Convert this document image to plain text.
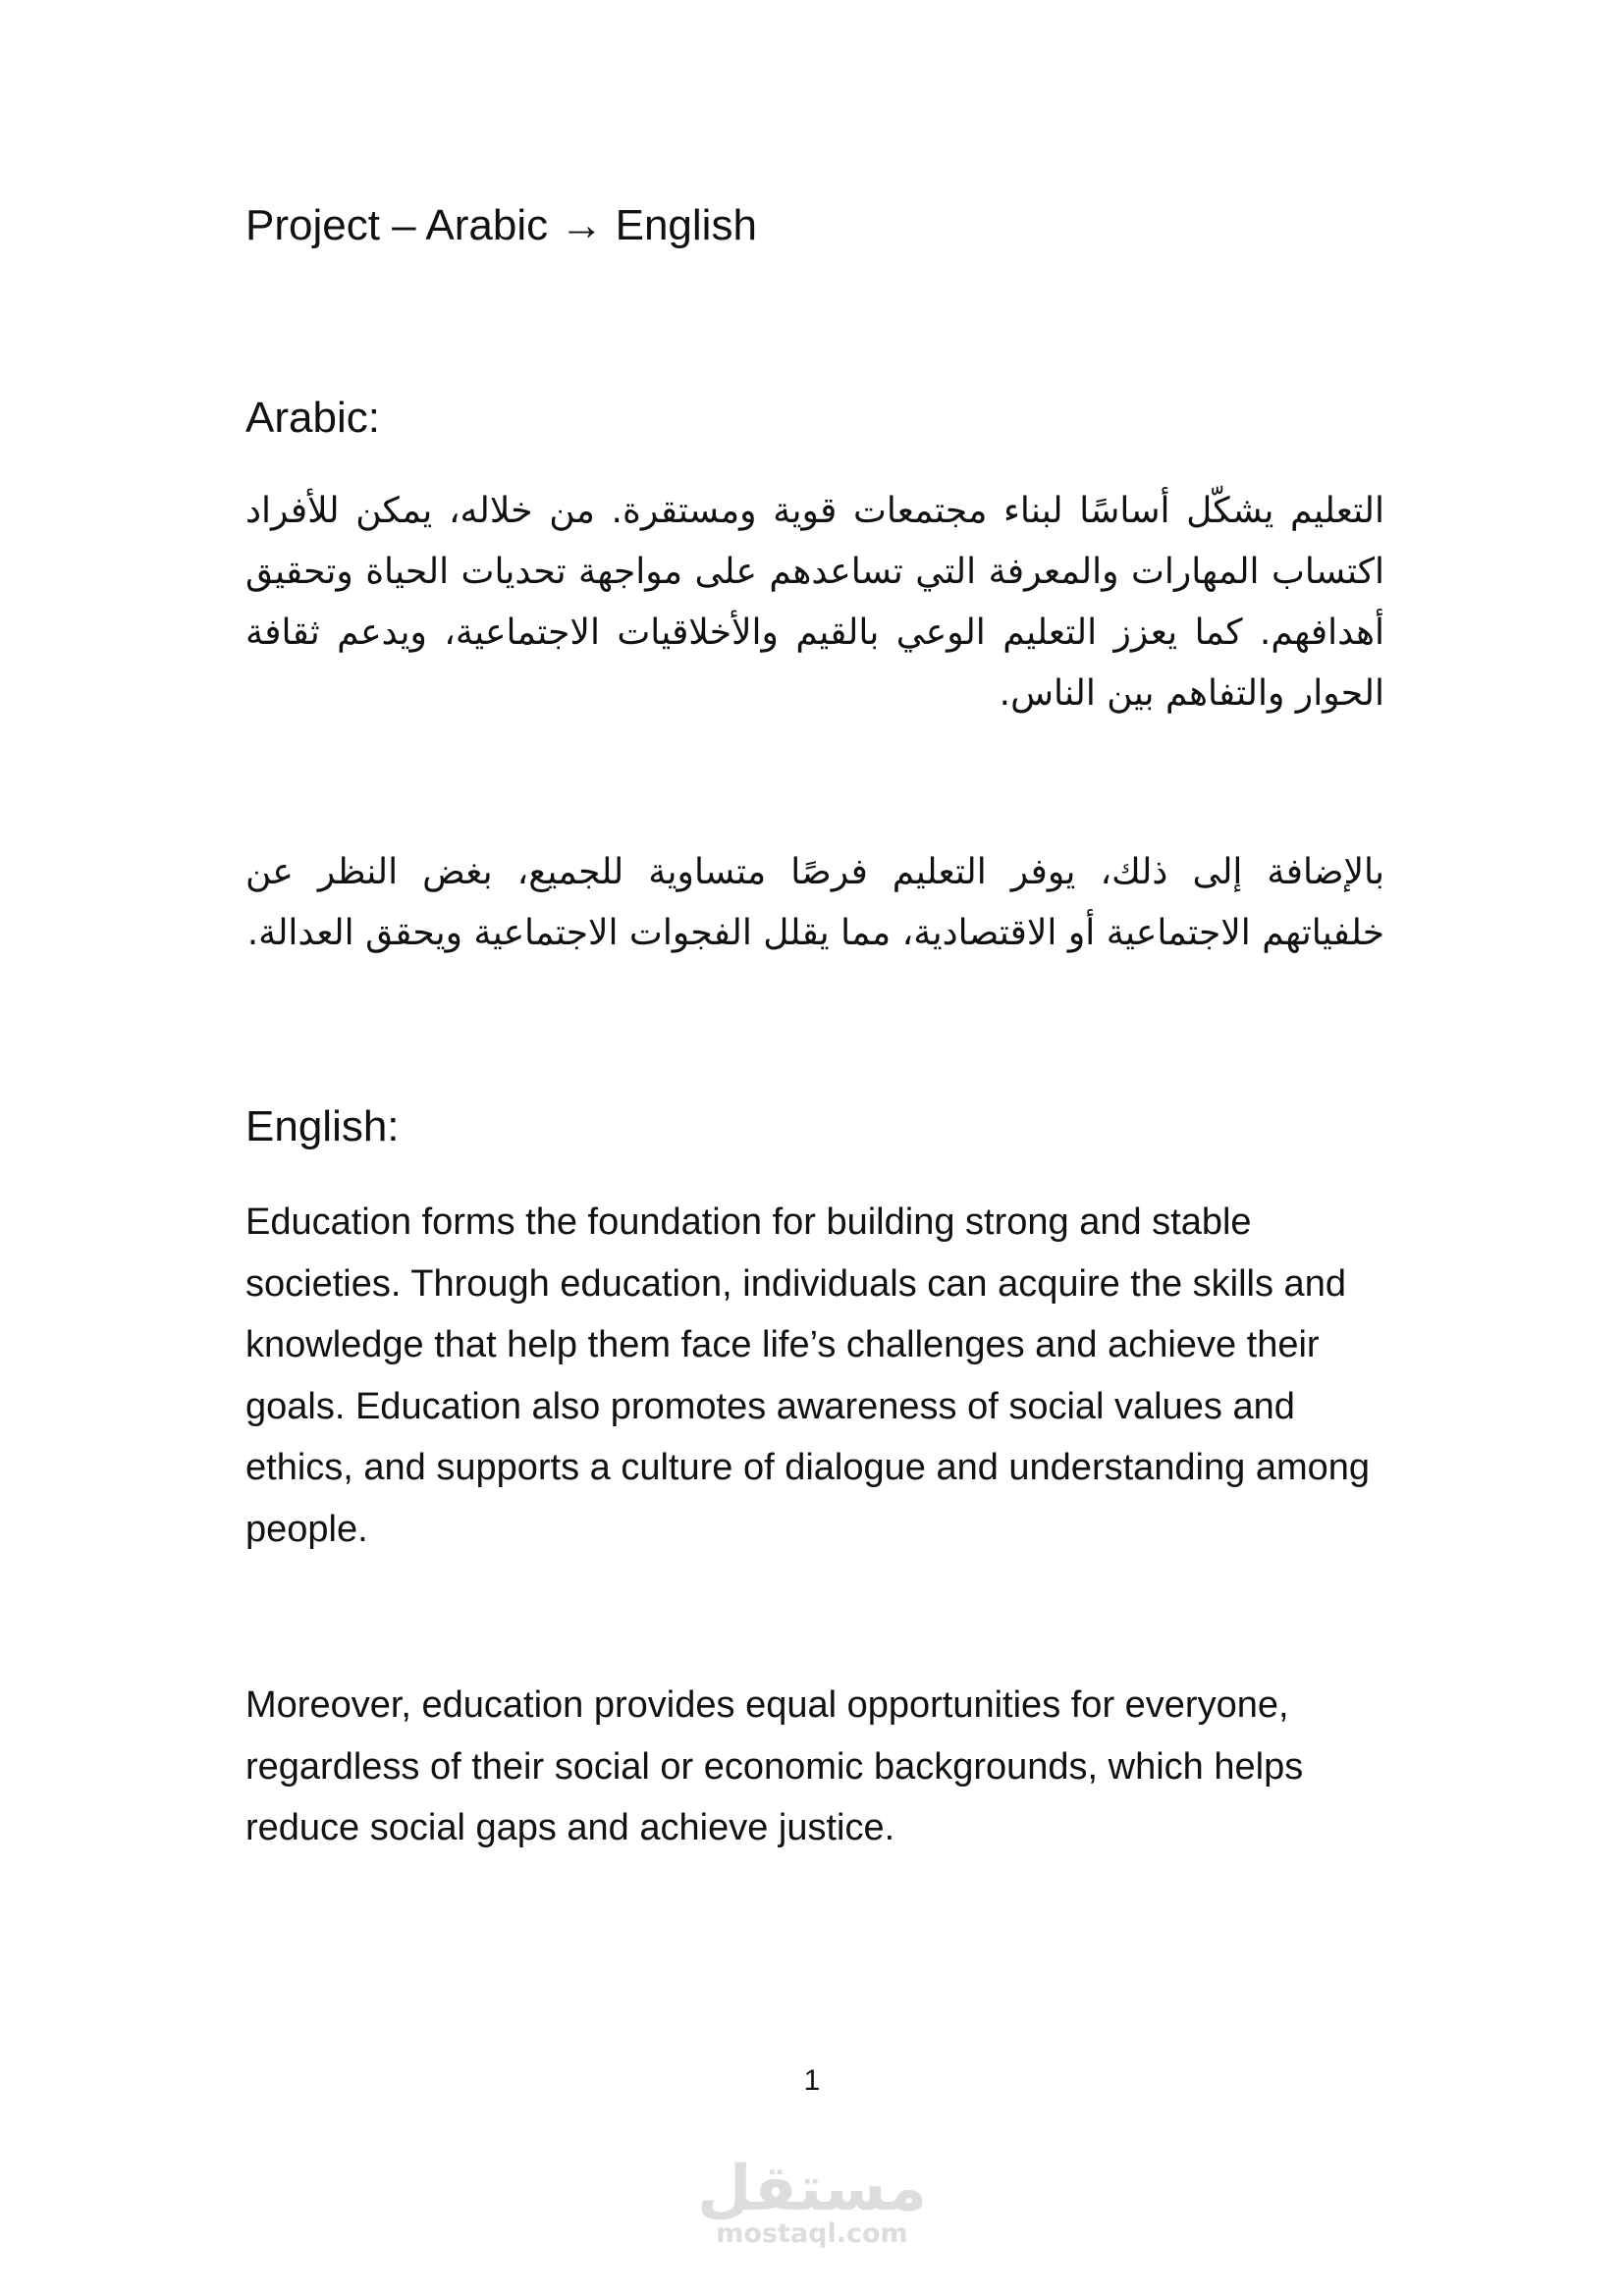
Project – Arabic → English
Arabic:
التعليم يشكّل أساسًا لبناء مجتمعات قوية ومستقرة. من خلاله، يمكن للأفراد اكتساب المهارات والمعرفة التي تساعدهم على مواجهة تحديات الحياة وتحقيق أهدافهم. كما يعزز التعليم الوعي بالقيم والأخلاقيات الاجتماعية، ويدعم ثقافة الحوار والتفاهم بين الناس.
بالإضافة إلى ذلك، يوفر التعليم فرصًا متساوية للجميع، بغض النظر عن خلفياتهم الاجتماعية أو الاقتصادية، مما يقلل الفجوات الاجتماعية ويحقق العدالة.
English:
Education forms the foundation for building strong and stable societies. Through education, individuals can acquire the skills and knowledge that help them face life’s challenges and achieve their goals. Education also promotes awareness of social values and ethics, and supports a culture of dialogue and understanding among people.
Moreover, education provides equal opportunities for everyone, regardless of their social or economic backgrounds, which helps reduce social gaps and achieve justice.
1
مستقل
mostaql.com
